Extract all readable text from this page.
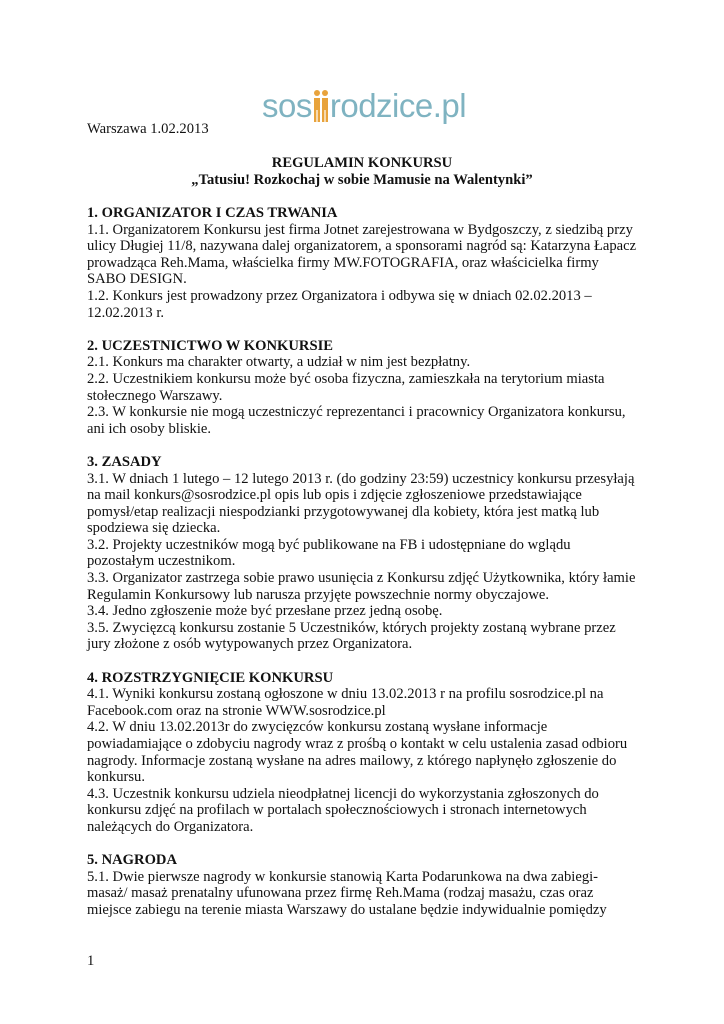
sos rodzice.pl
Warszawa 1.02.2013
REGULAMIN KONKURSU
„Tatusiu! Rozkochaj w sobie Mamusie na Walentynki”
1. ORGANIZATOR I CZAS TRWANIA

1.1. Organizatorem Konkursu jest firma Jotnet zarejestrowana w Bydgoszczy, z siedzibą przy ulicy Długiej 11/8, nazywana dalej organizatorem, a sponsorami nagród są: Katarzyna Łapacz prowadząca Reh.Mama, właścielka firmy MW.FOTOGRAFIA, oraz właścicielka firmy SABO DESIGN.

1.2. Konkurs jest prowadzony przez Organizatora i odbywa się w dniach 02.02.2013 – 12.02.2013 r.

2. UCZESTNICTWO W KONKURSIE

2.1. Konkurs ma charakter otwarty, a udział w nim jest bezpłatny.

2.2. Uczestnikiem konkursu może być osoba fizyczna, zamieszkała na terytorium miasta stołecznego Warszawy.

2.3. W konkursie nie mogą uczestniczyć reprezentanci i pracownicy Organizatora konkursu, ani ich osoby bliskie.

3. ZASADY

3.1. W dniach 1 lutego – 12 lutego 2013 r. (do godziny 23:59) uczestnicy konkursu przesyłają na mail konkurs@sosrodzice.pl opis lub opis i zdjęcie zgłoszeniowe przedstawiające pomysł/etap realizacji niespodzianki przygotowywanej dla kobiety, która jest matką lub spodziewa się dziecka.

3.2. Projekty uczestników mogą być publikowane na FB i udostępniane do wglądu pozostałym uczestnikom.

3.3. Organizator zastrzega sobie prawo usunięcia z Konkursu zdjęć Użytkownika, który łamie Regulamin Konkursowy lub narusza przyjęte powszechnie normy obyczajowe.

3.4. Jedno zgłoszenie może być przesłane przez jedną osobę.

3.5. Zwycięzcą konkursu zostanie 5 Uczestników, których projekty zostaną wybrane przez jury złożone z osób wytypowanych przez Organizatora.

4. ROZSTRZYGNIĘCIE KONKURSU

4.1. Wyniki konkursu zostaną ogłoszone w dniu 13.02.2013 r na profilu sosrodzice.pl na Facebook.com oraz na stronie WWW.sosrodzice.pl

4.2. W dniu 13.02.2013r do zwycięzców konkursu zostaną wysłane informacje powiadamiające o zdobyciu nagrody wraz z prośbą o kontakt w celu ustalenia zasad odbioru nagrody. Informacje zostaną wysłane na adres mailowy, z którego napłynęło zgłoszenie do konkursu.

4.3. Uczestnik konkursu udziela nieodpłatnej licencji do wykorzystania zgłoszonych do konkursu zdjęć na profilach w portalach społecznościowych i stronach internetowych należących do Organizatora.

5. NAGRODA

5.1. Dwie pierwsze nagrody w konkursie stanowią Karta Podarunkowa na dwa zabiegi- masaż/ masaż prenatalny ufunowana przez firmę Reh.Mama (rodzaj masażu, czas oraz miejsce zabiegu na terenie miasta Warszawy do ustalane będzie indywidualnie pomiędzy

1
